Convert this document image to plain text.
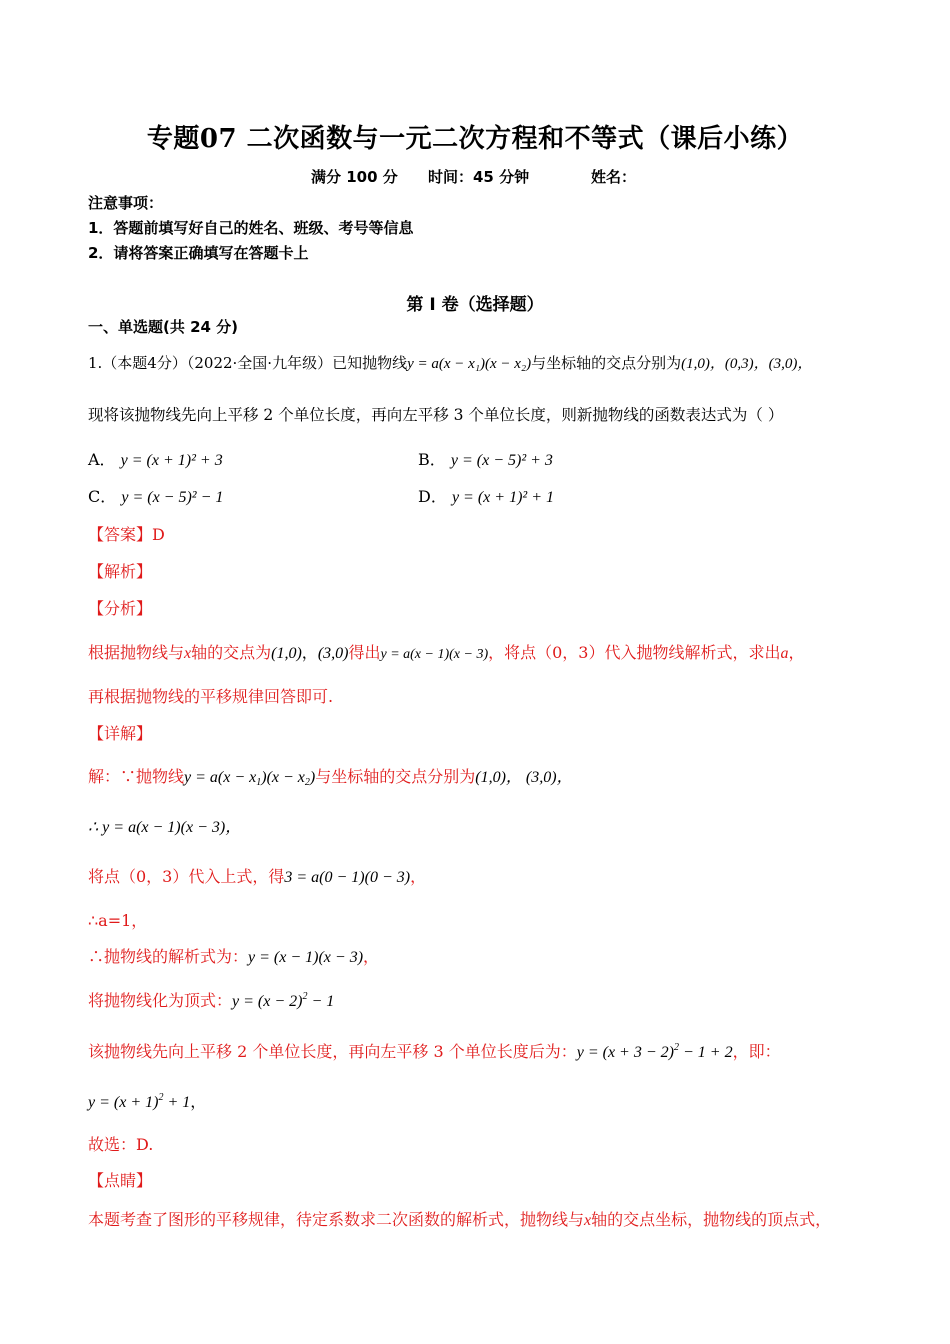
专题07 二次函数与一元二次方程和不等式（课后小练）
满分 100 分 时间：45 分钟	姓名：
注意事项：
1．答题前填写好自己的姓名、班级、考号等信息
2．请将答案正确填写在答题卡上
第 I 卷（选择题）
一、单选题(共 24 分)
1.（本题4分）（2022·全国·九年级）已知抛物线y = a(x − x₁)(x − x₂)与坐标轴的交点分别为(1,0)，(0,3)，(3,0)，
现将该抛物线先向上平移 2 个单位长度，再向左平移 3 个单位长度，则新抛物线的函数表达式为（ ）
A． y = (x + 1)² + 3	B． y = (x − 5)² + 3
C． y = (x − 5)² − 1	D． y = (x + 1)² + 1
【答案】D
【解析】
【分析】
根据抛物线与x轴的交点为(1,0)，(3,0)得出y = a(x − 1)(x − 3)，将点（0，3）代入抛物线解析式，求出a，
再根据抛物线的平移规律回答即可.
【详解】
解：∵抛物线$y = a(x - x_1)(x - x_2)$与坐标轴的交点分别为(1,0)， (3,0)，
∴ y = a(x − 1)(x − 3)，
将点（0，3）代入上式，得3 = a(0 − 1)(0 − 3)，
∴a=1，
∴抛物线的解析式为：y = (x − 1)(x − 3)，
将抛物线化为顶式：$y = (x - 2)^2 - 1$
该抛物线先向上平移 2 个单位长度，再向左平移 3 个单位长度后为：$y = (x + 3 - 2)^2 - 1 + 2$，即：
$y = (x + 1)^2 + 1$，
故选：D.
【点睛】
本题考查了图形的平移规律，待定系数求二次函数的解析式，抛物线与x轴的交点坐标，抛物线的顶点式，
